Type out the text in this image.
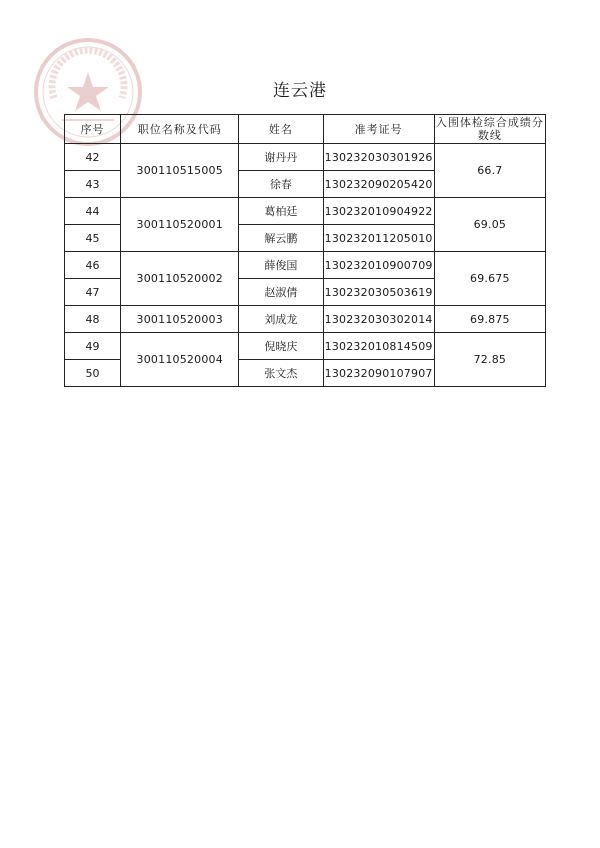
连云港
序号	职位名称及代码	姓名	准考证号	入围体检综合成绩分数线
42	300110515005	谢丹丹	130232030301926	66.7
43		徐春	130232090205420	
44	300110520001	葛柏廷	130232010904922	69.05
45		解云鹏	130232011205010	
46	300110520002	薛俊国	130232010900709	69.675
47		赵淑倩	130232030503619	
48	300110520003	刘成龙	130232030302014	69.875
49	300110520004	倪晓庆	130232010814509	72.85
50		张文杰	130232090107907	
